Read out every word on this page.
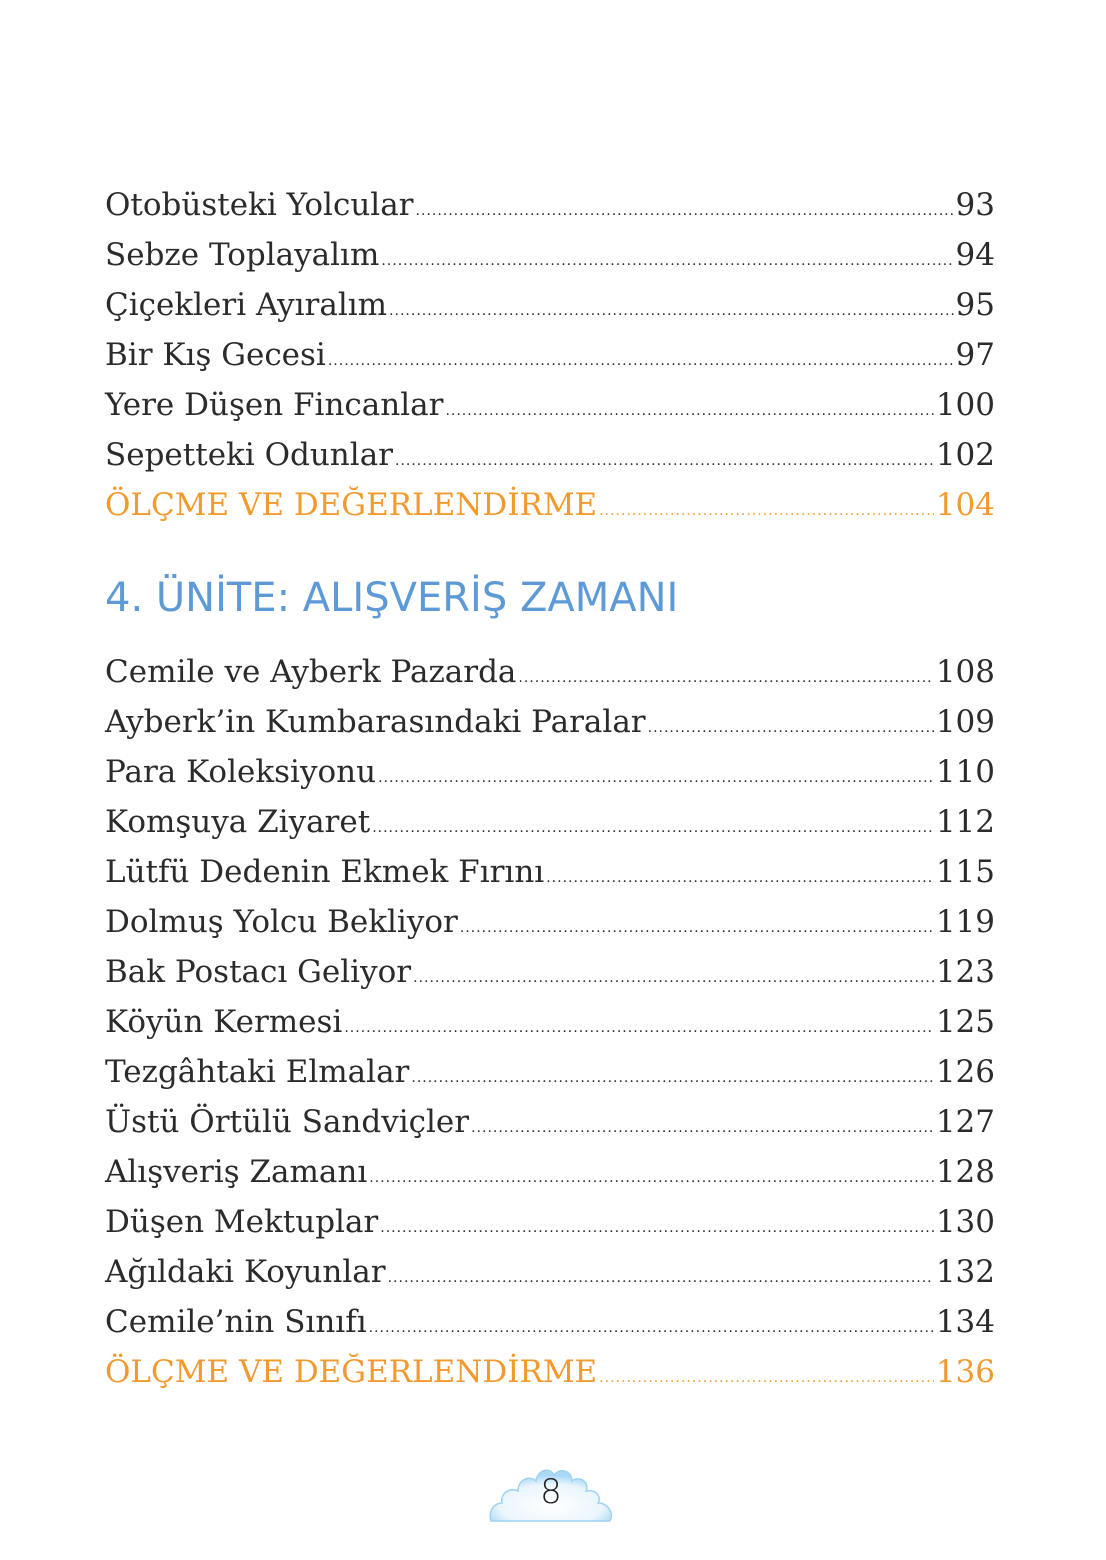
Otobüsteki Yolcular .....	93
Sebze Toplayalım .....	94
Çiçekleri Ayıralım .....	95
Bir Kış Gecesi .....	97
Yere Düşen Fincanlar .....	100
Sepetteki Odunlar .....	102
ÖLÇME VE DEĞERLENDİRME .....	104
4. ÜNİTE: ALIŞVERİŞ ZAMANI
Cemile ve Ayberk Pazarda .....	108
Ayberk’in Kumbarasındaki Paralar .....	109
Para Koleksiyonu .....	110
Komşuya Ziyaret .....	112
Lütfü Dedenin Ekmek Fırını .....	115
Dolmuş Yolcu Bekliyor .....	119
Bak Postacı Geliyor .....	123
Köyün Kermesi .....	125
Tezgâhtaki Elmalar .....	126
Üstü Örtülü Sandviçler .....	127
Alışveriş Zamanı .....	128
Düşen Mektuplar .....	130
Ağıldaki Koyunlar .....	132
Cemile’nin Sınıfı .....	134
ÖLÇME VE DEĞERLENDİRME .....	136
8
